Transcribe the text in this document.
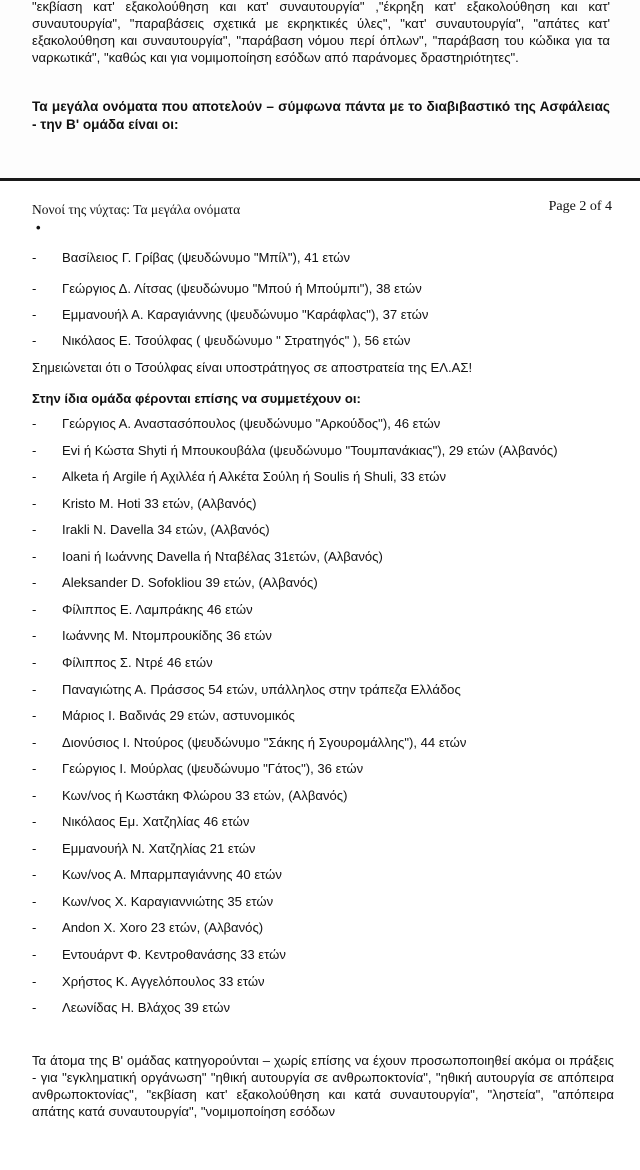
"εκβίαση κατ' εξακολούθηση και κατ' συναυτουργία" ,"έκρηξη κατ' εξακολούθηση και κατ' συναυτουργία", "παραβάσεις σχετικά με εκρηκτικές ύλες", "κατ' συναυτουργία", "απάτες κατ' εξακολούθηση και συναυτουργία", "παράβαση νόμου περί όπλων", "παράβαση του κώδικα για τα ναρκωτικά", "καθώς και για νομιμοποίηση εσόδων από παράνομες δραστηριότητες".
Τα μεγάλα ονόματα που αποτελούν – σύμφωνα πάντα με το διαβιβαστικό της Ασφάλειας - την Β' ομάδα είναι οι:
Νονοί της νύχτας: Τα μεγάλα ονόματα	Page 2 of 4
•
-	Βασίλειος Γ. Γρίβας (ψευδώνυμο "Μπίλ"), 41 ετών
-	Γεώργιος Δ. Λίτσας (ψευδώνυμο "Μπού ή Μπούμπι"), 38 ετών
-	Εμμανουήλ Α. Καραγιάννης (ψευδώνυμο "Καράφλας"), 37 ετών
-	Νικόλαος Ε. Τσούλφας ( ψευδώνυμο " Στρατηγός" ), 56 ετών
Σημειώνεται ότι ο Τσούλφας είναι υποστράτηγος σε αποστρατεία της ΕΛ.ΑΣ!
Στην ίδια ομάδα φέρονται επίσης να συμμετέχουν οι:
-	Γεώργιος Α. Αναστασόπουλος (ψευδώνυμο "Αρκούδος"), 46 ετών
-	Evi ή Κώστα Shyti ή Μπουκουβάλα (ψευδώνυμο "Τουμπανάκιας"), 29 ετών (Αλβανός)
-	Alketa ή Argile ή Αχιλλέα ή Αλκέτα Σούλη ή Soulis ή Shuli, 33 ετών
-	Kristo M. Hoti 33 ετών, (Αλβανός)
-	Irakli N. Davella 34 ετών, (Αλβανός)
-	Ioani ή Ιωάννης Davella ή Νταβέλας 31ετών, (Αλβανός)
-	Aleksander D. Sofokliou 39 ετών, (Αλβανός)
-	Φίλιππος Ε. Λαμπράκης 46 ετών
-	Ιωάννης Μ. Ντομπρουκίδης 36 ετών
-	Φίλιππος Σ. Ντρέ 46 ετών
-	Παναγιώτης Α. Πράσσος 54 ετών, υπάλληλος στην τράπεζα Ελλάδος
-	Μάριος Ι. Βαδινάς 29 ετών, αστυνομικός
-	Διονύσιος Ι. Ντούρος (ψευδώνυμο "Σάκης ή Σγουρομάλλης"), 44 ετών
-	Γεώργιος Ι. Μούρλας (ψευδώνυμο "Γάτος"), 36 ετών
-	Κων/νος ή Κωστάκη Φλώρου 33 ετών, (Αλβανός)
-	Νικόλαος Εμ. Χατζηλίας 46 ετών
-	Εμμανουήλ Ν. Χατζηλίας 21 ετών
-	Κων/νος Α. Μπαρμπαγιάννης 40 ετών
-	Κων/νος Χ. Καραγιαννιώτης 35 ετών
-	Andon X. Xoro 23 ετών, (Αλβανός)
-	Εντουάρντ Φ. Κεντροθανάσης 33 ετών
-	Χρήστος Κ. Αγγελόπουλος 33 ετών
-	Λεωνίδας Η. Βλάχος 39 ετών
Τα άτομα της Β' ομάδας κατηγορούνται – χωρίς επίσης να έχουν προσωποποιηθεί ακόμα οι πράξεις - για "εγκληματική οργάνωση" "ηθική αυτουργία σε ανθρωποκτονία", "ηθική αυτουργία σε απόπειρα ανθρωποκτονίας", "εκβίαση κατ' εξακολούθηση και κατά συναυτουργία", "ληστεία", "απόπειρα απάτης κατά συναυτουργία", "νομιμοποίηση εσόδων
